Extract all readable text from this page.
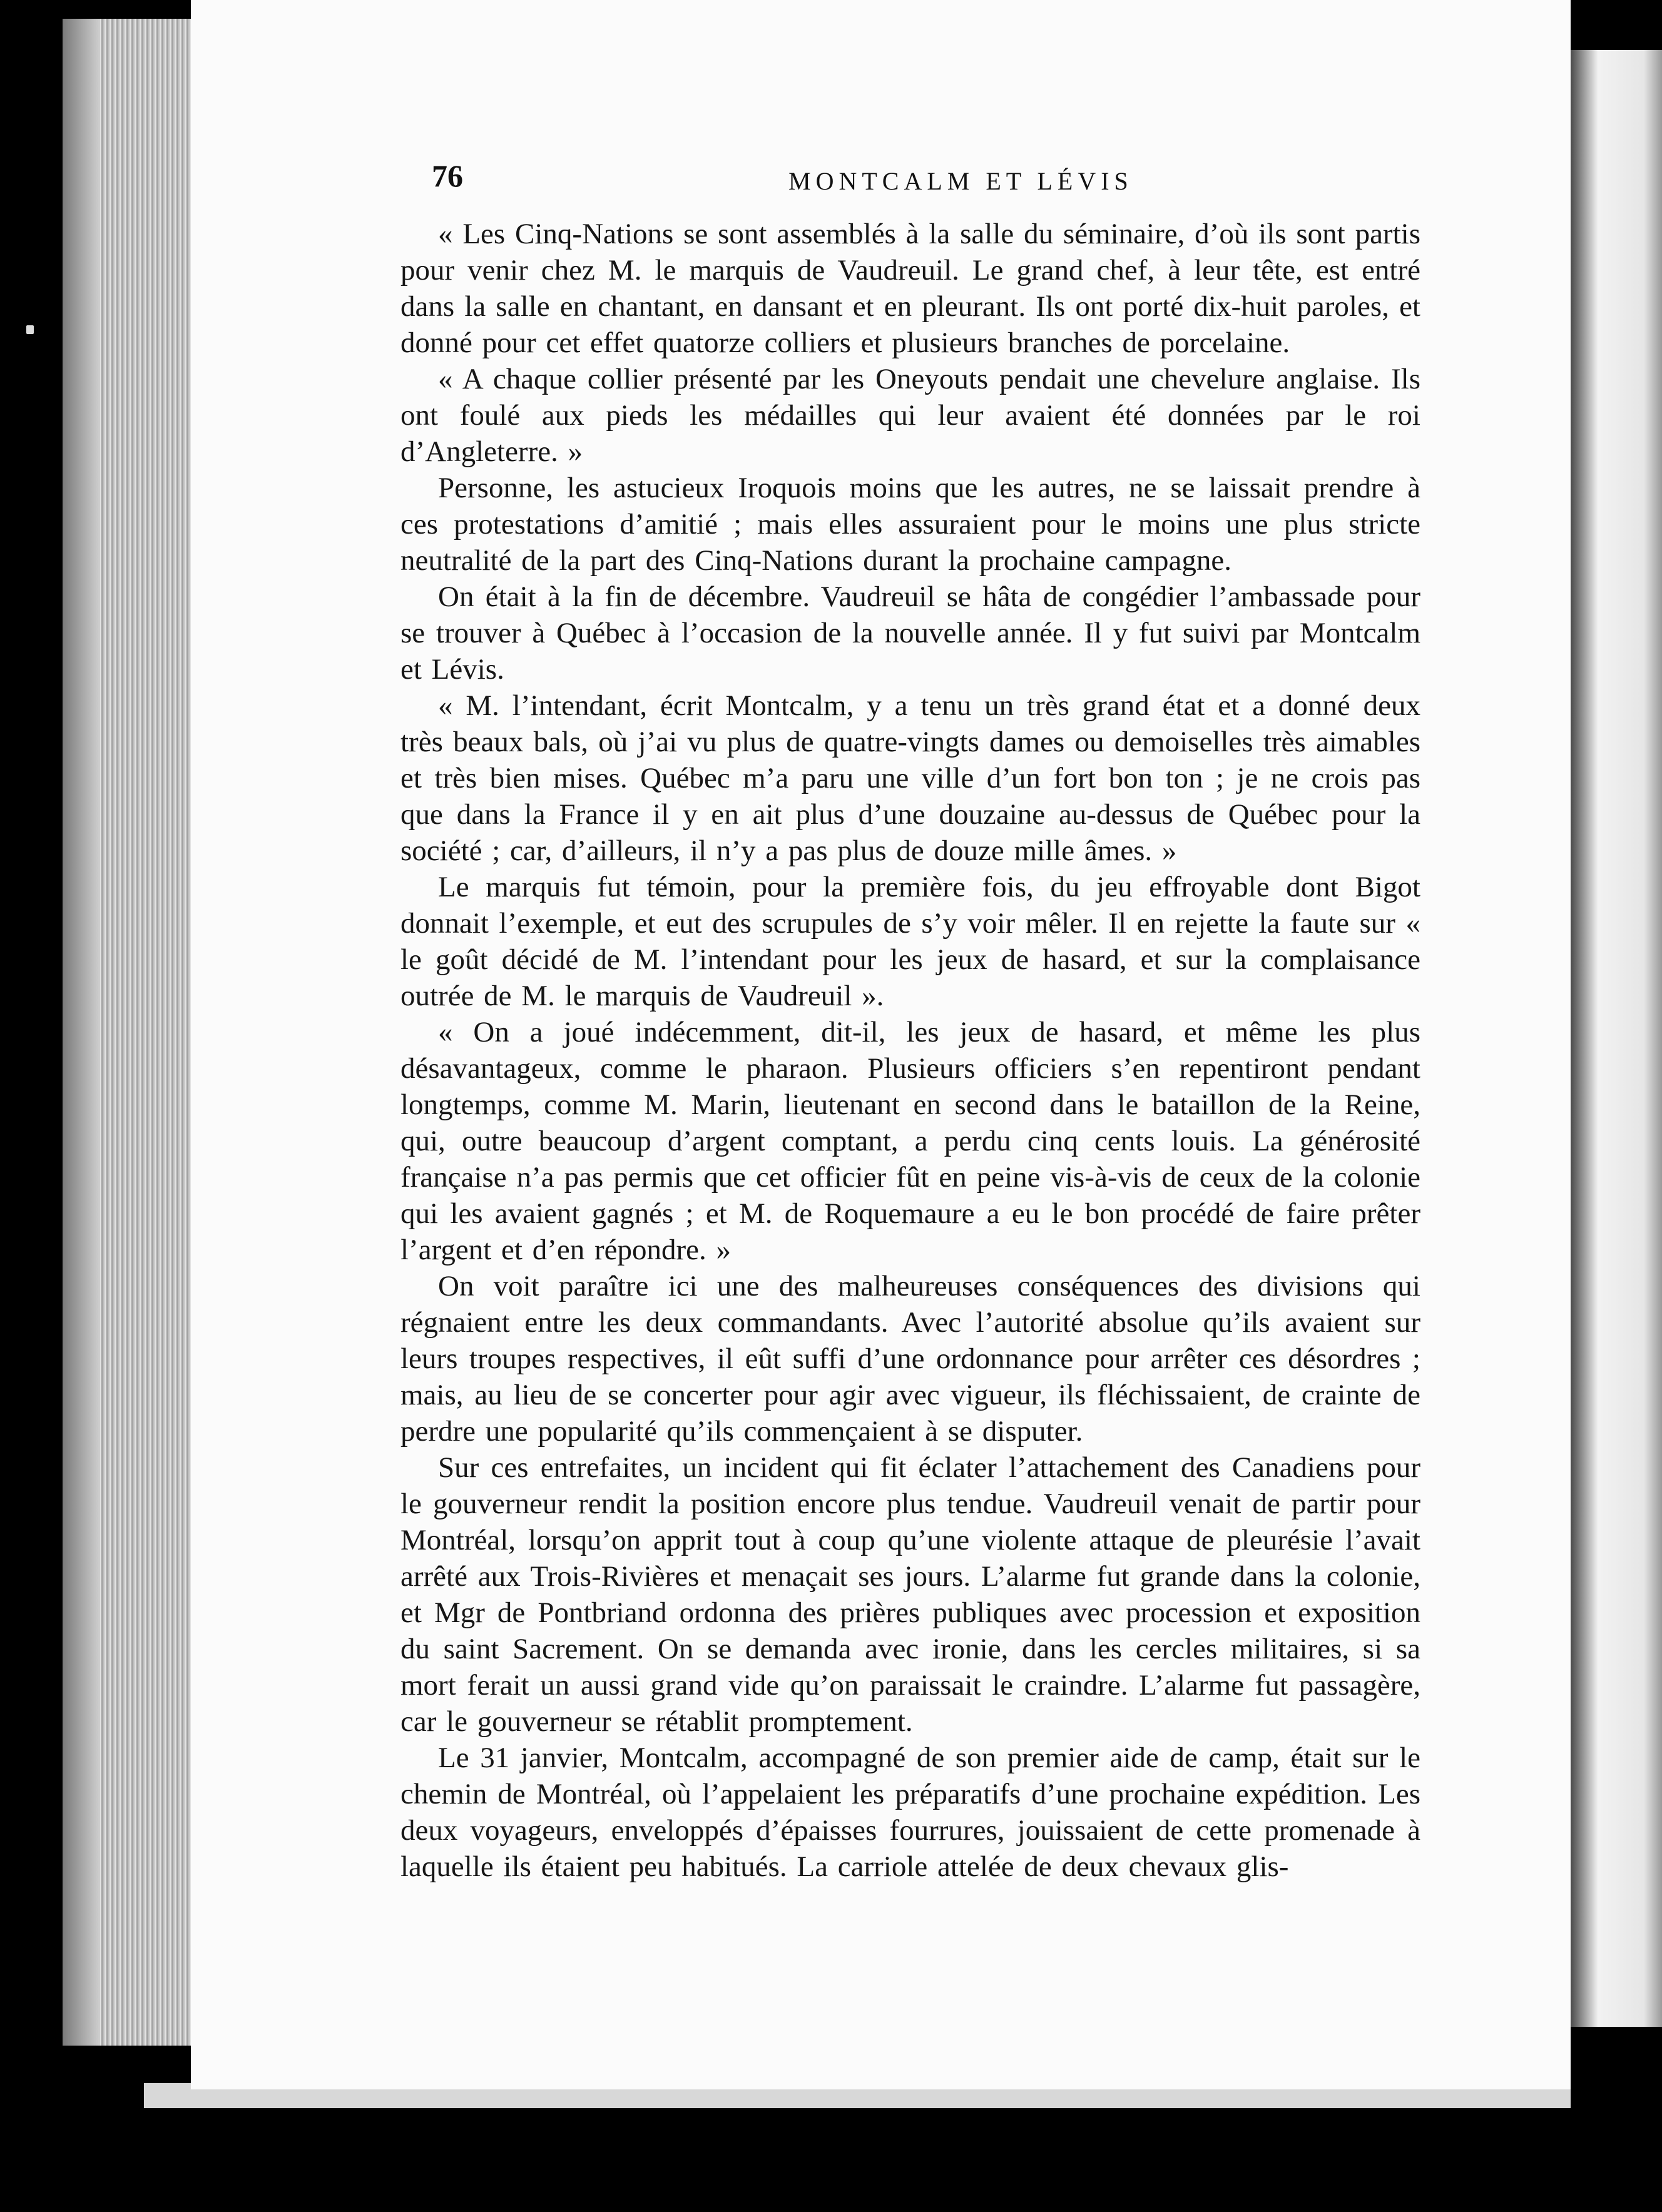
76	MONTCALM ET LÉVIS

« Les Cinq-Nations se sont assemblés à la salle du séminaire, d’où ils sont partis pour venir chez M. le marquis de Vaudreuil. Le grand chef, à leur tête, est entré dans la salle en chantant, en dansant et en pleurant. Ils ont porté dix-huit paroles, et donné pour cet effet quatorze colliers et plusieurs branches de porcelaine.

« A chaque collier présenté par les Oneyouts pendait une chevelure anglaise. Ils ont foulé aux pieds les médailles qui leur avaient été données par le roi d’Angleterre. »

Personne, les astucieux Iroquois moins que les autres, ne se laissait prendre à ces protestations d’amitié ; mais elles assuraient pour le moins une plus stricte neutralité de la part des Cinq-Nations durant la prochaine campagne.

On était à la fin de décembre. Vaudreuil se hâta de congédier l’ambassade pour se trouver à Québec à l’occasion de la nouvelle année. Il y fut suivi par Montcalm et Lévis.

« M. l’intendant, écrit Montcalm, y a tenu un très grand état et a donné deux très beaux bals, où j’ai vu plus de quatre-vingts dames ou demoiselles très aimables et très bien mises. Québec m’a paru une ville d’un fort bon ton ; je ne crois pas que dans la France il y en ait plus d’une douzaine au-dessus de Québec pour la société ; car, d’ailleurs, il n’y a pas plus de douze mille âmes. »

Le marquis fut témoin, pour la première fois, du jeu effroyable dont Bigot donnait l’exemple, et eut des scrupules de s’y voir mêler. Il en rejette la faute sur « le goût décidé de M. l’intendant pour les jeux de hasard, et sur la complaisance outrée de M. le marquis de Vaudreuil ».

« On a joué indécemment, dit-il, les jeux de hasard, et même les plus désavantageux, comme le pharaon. Plusieurs officiers s’en repentiront pendant longtemps, comme M. Marin, lieutenant en second dans le bataillon de la Reine, qui, outre beaucoup d’argent comptant, a perdu cinq cents louis. La générosité française n’a pas permis que cet officier fût en peine vis-à-vis de ceux de la colonie qui les avaient gagnés ; et M. de Roquemaure a eu le bon procédé de faire prêter l’argent et d’en répondre. »

On voit paraître ici une des malheureuses conséquences des divisions qui régnaient entre les deux commandants. Avec l’autorité absolue qu’ils avaient sur leurs troupes respectives, il eût suffi d’une ordonnance pour arrêter ces désordres ; mais, au lieu de se concerter pour agir avec vigueur, ils fléchissaient, de crainte de perdre une popularité qu’ils commençaient à se disputer.

Sur ces entrefaites, un incident qui fit éclater l’attachement des Canadiens pour le gouverneur rendit la position encore plus tendue. Vaudreuil venait de partir pour Montréal, lorsqu’on apprit tout à coup qu’une violente attaque de pleurésie l’avait arrêté aux Trois-Rivières et menaçait ses jours. L’alarme fut grande dans la colonie, et Mgr de Pontbriand ordonna des prières publiques avec procession et exposition du saint Sacrement. On se demanda avec ironie, dans les cercles militaires, si sa mort ferait un aussi grand vide qu’on paraissait le craindre. L’alarme fut passagère, car le gouverneur se rétablit promptement.

Le 31 janvier, Montcalm, accompagné de son premier aide de camp, était sur le chemin de Montréal, où l’appelaient les préparatifs d’une prochaine expédition. Les deux voyageurs, enveloppés d’épaisses fourrures, jouissaient de cette promenade à laquelle ils étaient peu habitués. La carriole attelée de deux chevaux glis-
